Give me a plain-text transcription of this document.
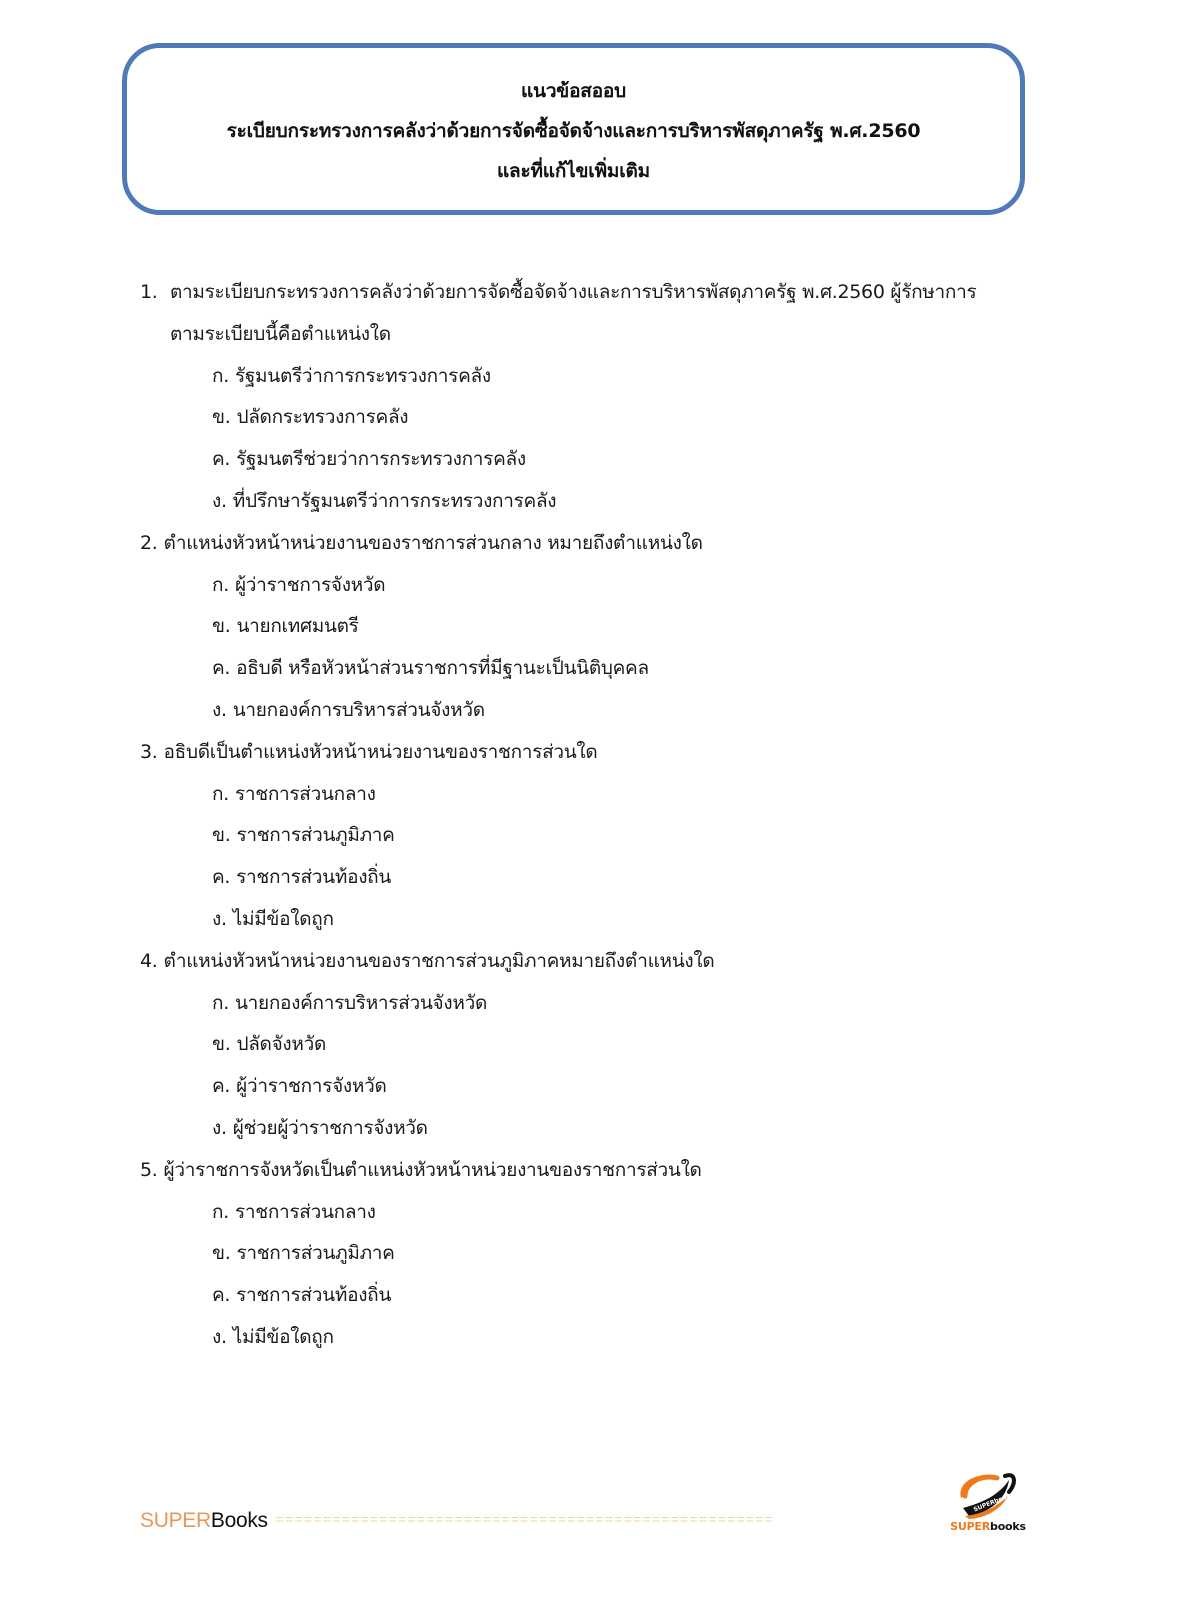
แนวข้อสออบ
ระเบียบกระทรวงการคลังว่าด้วยการจัดซื้อจัดจ้างและการบริหารพัสดุภาครัฐ พ.ศ.2560
และที่แก้ไขเพิ่มเติม
1. ตามระเบียบกระทรวงการคลังว่าด้วยการจัดซื้อจัดจ้างและการบริหารพัสดุภาครัฐ พ.ศ.2560 ผู้รักษาการ
ตามระเบียบนี้คือตำแหน่งใด
ก. รัฐมนตรีว่าการกระทรวงการคลัง
ข. ปลัดกระทรวงการคลัง
ค. รัฐมนตรีช่วยว่าการกระทรวงการคลัง
ง. ที่ปรึกษารัฐมนตรีว่าการกระทรวงการคลัง
2. ตำแหน่งหัวหน้าหน่วยงานของราชการส่วนกลาง หมายถึงตำแหน่งใด
ก. ผู้ว่าราชการจังหวัด
ข. นายกเทศมนตรี
ค. อธิบดี หรือหัวหน้าส่วนราชการที่มีฐานะเป็นนิติบุคคล
ง. นายกองค์การบริหารส่วนจังหวัด
3. อธิบดีเป็นตำแหน่งหัวหน้าหน่วยงานของราชการส่วนใด
ก. ราชการส่วนกลาง
ข. ราชการส่วนภูมิภาค
ค. ราชการส่วนท้องถิ่น
ง. ไม่มีข้อใดถูก
4. ตำแหน่งหัวหน้าหน่วยงานของราชการส่วนภูมิภาคหมายถึงตำแหน่งใด
ก. นายกองค์การบริหารส่วนจังหวัด
ข. ปลัดจังหวัด
ค. ผู้ว่าราชการจังหวัด
ง. ผู้ช่วยผู้ว่าราชการจังหวัด
5. ผู้ว่าราชการจังหวัดเป็นตำแหน่งหัวหน้าหน่วยงานของราชการส่วนใด
ก. ราชการส่วนกลาง
ข. ราชการส่วนภูมิภาค
ค. ราชการส่วนท้องถิ่น
ง. ไม่มีข้อใดถูก
SUPERBooks =====================================================
SUPERbooks
SUPERbooks
